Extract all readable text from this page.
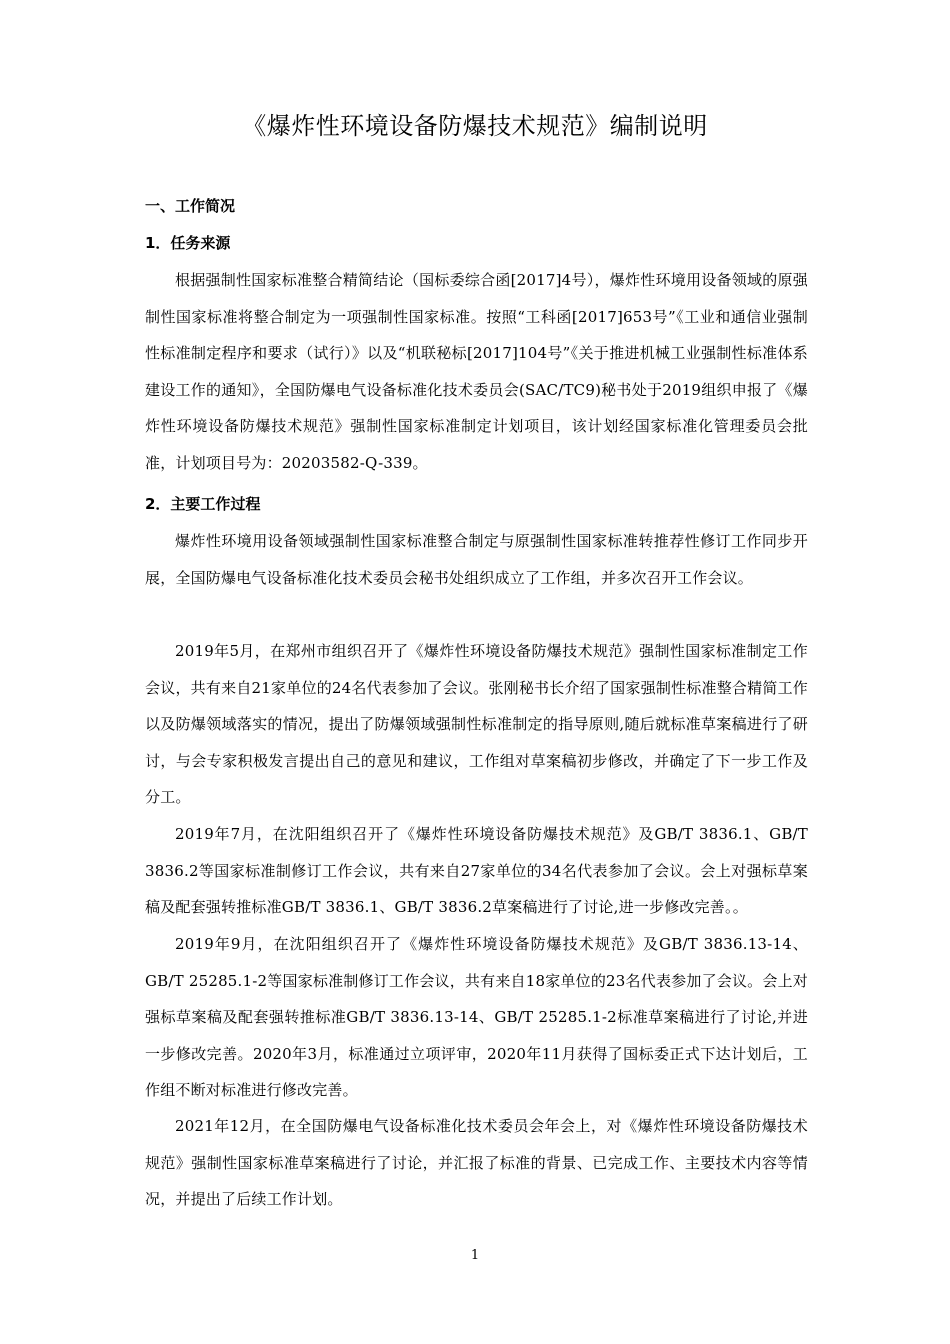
《爆炸性环境设备防爆技术规范》编制说明
一、工作简况
1．任务来源

根据强制性国家标准整合精简结论（国标委综合函[2017]4号），爆炸性环境用设备领域的原强制性国家标准将整合制定为一项强制性国家标准。按照“工科函[2017]653号”《工业和通信业强制性标准制定程序和要求（试行）》以及“机联秘标[2017]104号”《关于推进机械工业强制性标准体系建设工作的通知》，全国防爆电气设备标准化技术委员会(SAC/TC9)秘书处于2019组织申报了《爆炸性环境设备防爆技术规范》强制性国家标准制定计划项目，该计划经国家标准化管理委员会批准，计划项目号为：20203582-Q-339。

2．主要工作过程

爆炸性环境用设备领域强制性国家标准整合制定与原强制性国家标准转推荐性修订工作同步开展，全国防爆电气设备标准化技术委员会秘书处组织成立了工作组，并多次召开工作会议。

2019年5月，在郑州市组织召开了《爆炸性环境设备防爆技术规范》强制性国家标准制定工作会议，共有来自21家单位的24名代表参加了会议。张刚秘书长介绍了国家强制性标准整合精简工作以及防爆领域落实的情况，提出了防爆领域强制性标准制定的指导原则,随后就标准草案稿进行了研讨，与会专家积极发言提出自己的意见和建议，工作组对草案稿初步修改，并确定了下一步工作及分工。

2019年7月，在沈阳组织召开了《爆炸性环境设备防爆技术规范》及GB/T 3836.1、GB/T 3836.2等国家标准制修订工作会议，共有来自27家单位的34名代表参加了会议。会上对强标草案稿及配套强转推标准GB/T 3836.1、GB/T 3836.2草案稿进行了讨论,进一步修改完善。。

2019年9月，在沈阳组织召开了《爆炸性环境设备防爆技术规范》及GB/T 3836.13-14、GB/T 25285.1-2等国家标准制修订工作会议，共有来自18家单位的23名代表参加了会议。会上对强标草案稿及配套强转推标准GB/T 3836.13-14、GB/T 25285.1-2标准草案稿进行了讨论,并进一步修改完善。2020年3月，标准通过立项评审，2020年11月获得了国标委正式下达计划后，工作组不断对标准进行修改完善。

2021年12月，在全国防爆电气设备标准化技术委员会年会上，对《爆炸性环境设备防爆技术规范》强制性国家标准草案稿进行了讨论，并汇报了标准的背景、已完成工作、主要技术内容等情况，并提出了后续工作计划。

1
